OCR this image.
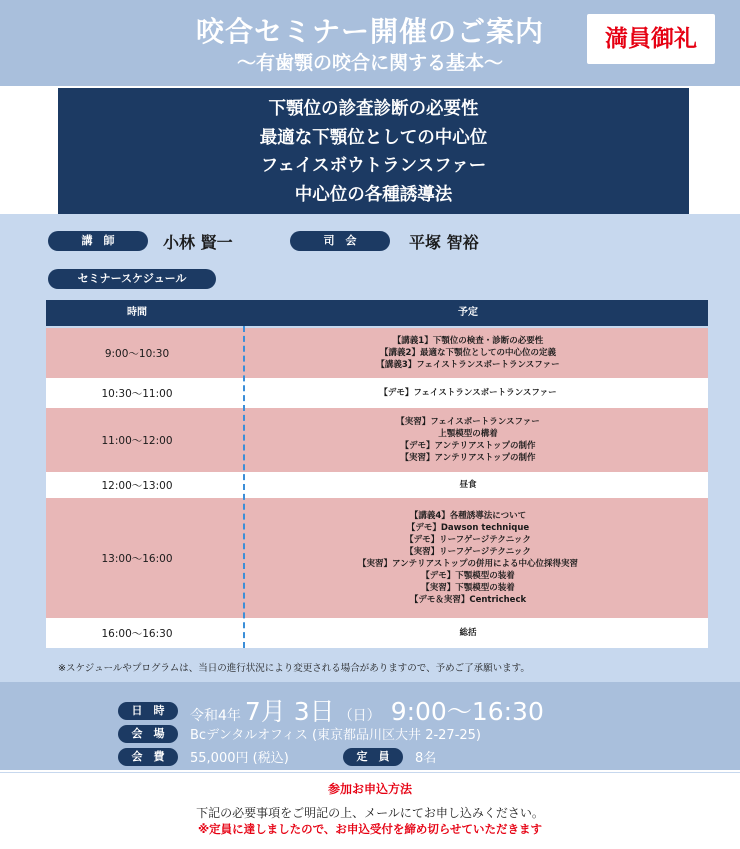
咬合セミナー開催のご案内
～有歯顎の咬合に関する基本～
満員御礼
下顎位の診査診断の必要性
最適な下顎位としての中心位
フェイスボウトランスファー
中心位の各種誘導法
講　師	小林 賢一	司　会	平塚 智裕
セミナースケジュール
時間	予定
9:00～10:30
【講義1】下顎位の検査・診断の必要性
【講義2】最適な下顎位としての中心位の定義
【講義3】フェイストランスボートランスファー
10:30～11:00	【デモ】フェイストランスボートランスファー
11:00～12:00
【実習】フェイスボートランスファー
上顎模型の構着
【デモ】アンテリアストップの制作
【実習】アンテリアストップの制作
12:00～13:00	昼食
13:00～16:00
【講義4】各種誘導法について
【デモ】Dawson technique
【デモ】リーフゲージテクニック
【実習】リーフゲージテクニック
【実習】アンテリアストップの併用による中心位採得実習
【デモ】下顎模型の装着
【実習】下顎模型の装着
【デモ＆実習】Centricheck
16:00～16:30	総括
※スケジュールやプログラムは、当日の進行状況により変更される場合がありますので、予めご了承願います。
日　時	令和4年 7月 3日 （日） 9:00～16:30
会　場	Bcデンタルオフィス (東京都品川区大井 2-27-25)
会　費	55,000円 (税込)	定　員	8名
参加お申込方法
下記の必要事項をご明記の上、メールにてお申し込みください。
※定員に達しましたので、お申込受付を締め切らせていただきます
